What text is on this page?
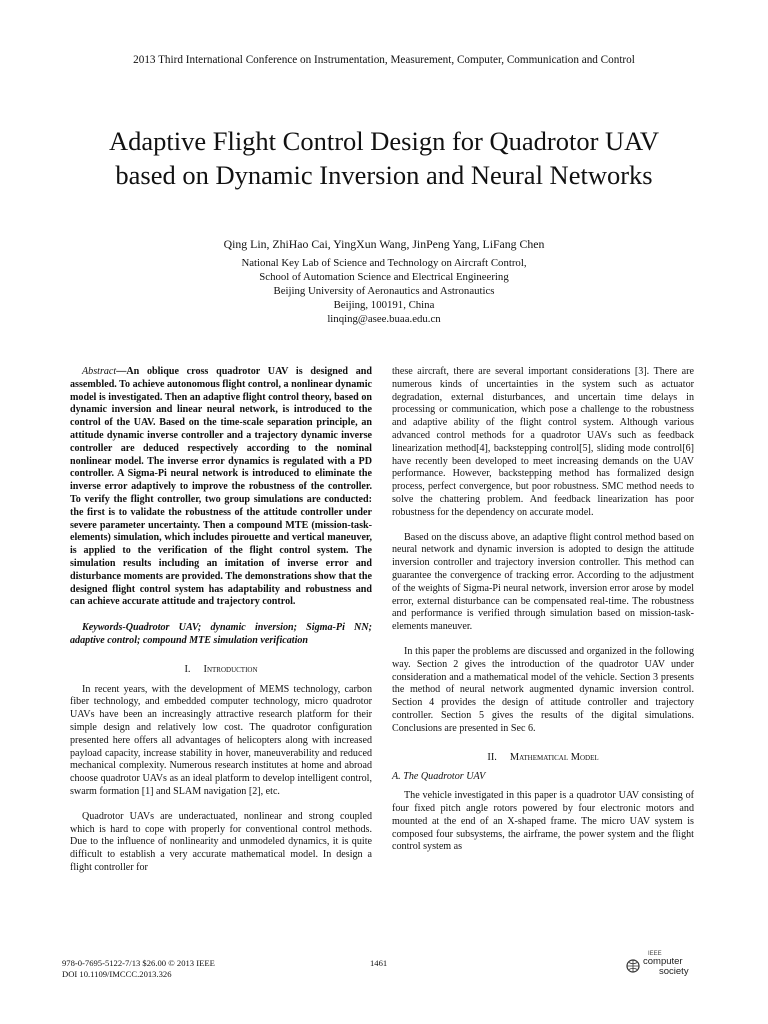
2013 Third International Conference on Instrumentation, Measurement, Computer, Communication and Control
Adaptive Flight Control Design for Quadrotor UAV
based on Dynamic Inversion and Neural Networks
Qing Lin, ZhiHao Cai, YingXun Wang, JinPeng Yang, LiFang Chen
National Key Lab of Science and Technology on Aircraft Control,
School of Automation Science and Electrical Engineering
Beijing University of Aeronautics and Astronautics
Beijing, 100191, China
linqing@asee.buaa.edu.cn

Abstract—An oblique cross quadrotor UAV is designed and assembled. To achieve autonomous flight control, a nonlinear dynamic model is investigated. Then an adaptive flight control theory, based on dynamic inversion and linear neural network, is introduced to the control of the UAV. Based on the time-scale separation principle, an attitude dynamic inverse controller and a trajectory dynamic inverse controller are deduced respectively according to the nominal nonlinear model. The inverse error dynamics is regulated with a PD controller. A Sigma-Pi neural network is introduced to eliminate the inverse error adaptively to improve the robustness of the controller. To verify the flight controller, two group simulations are conducted: the first is to validate the robustness of the attitude controller under severe parameter uncertainty. Then a compound MTE (mission-task-elements) simulation, which includes pirouette and vertical maneuver, is applied to the verification of the flight control system. The simulation results including an imitation of inverse error and disturbance moments are provided. The demonstrations show that the designed flight control system has adaptability and robustness and can achieve accurate attitude and trajectory control.

Keywords-Quadrotor UAV; dynamic inversion; Sigma-Pi NN; adaptive control; compound MTE simulation verification

I. Introduction

In recent years, with the development of MEMS technology, carbon fiber technology, and embedded computer technology, micro quadrotor UAVs have been an increasingly attractive research platform for their simple design and relatively low cost. The quadrotor configuration presented here offers all advantages of helicopters along with increased payload capacity, increase stability in hover, maneuverability and reduced mechanical complexity. Numerous research institutes at home and abroad choose quadrotor UAVs as an ideal platform to develop intelligent control, swarm formation [1] and SLAM navigation [2], etc.

Quadrotor UAVs are underactuated, nonlinear and strong coupled which is hard to cope with properly for conventional control methods. Due to the influence of nonlinearity and unmodeled dynamics, it is quite difficult to establish a very accurate mathematical model. In design a flight controller for

these aircraft, there are several important considerations [3]. There are numerous kinds of uncertainties in the system such as actuator degradation, external disturbances, and uncertain time delays in processing or communication, which pose a challenge to the robustness and adaptive ability of the flight control system. Although various advanced control methods for a quadrotor UAVs such as feedback linearization method[4], backstepping control[5], sliding mode control[6] have recently been developed to meet increasing demands on the UAV performance. However, backstepping method has formalized design process, perfect convergence, but poor robustness. SMC method needs to solve the chattering problem. And feedback linearization has poor robustness for the dependency on accurate model.

Based on the discuss above, an adaptive flight control method based on neural network and dynamic inversion is adopted to design the attitude inversion controller and trajectory inversion controller. This method can guarantee the convergence of tracking error. According to the adjustment of the weights of Sigma-Pi neural network, inversion error arose by model error, external disturbance can be compensated real-time. The robustness and performance is verified through simulation based on mission-task-elements maneuver.

In this paper the problems are discussed and organized in the following way. Section 2 gives the introduction of the quadrotor UAV under consideration and a mathematical model of the vehicle. Section 3 presents the method of neural network augmented dynamic inversion control. Section 4 provides the design of attitude controller and trajectory controller. Section 5 gives the results of the digital simulations. Conclusions are presented in Sec 6.

II. Mathematical Model
A. The Quadrotor UAV

The vehicle investigated in this paper is a quadrotor UAV consisting of four fixed pitch angle rotors powered by four electronic motors and mounted at the end of an X-shaped frame. The micro UAV system is composed four subsystems, the airframe, the power system and the flight control system as

978-0-7695-5122-7/13 $26.00 © 2013 IEEE
DOI 10.1109/IMCCC.2013.326
1461
IEEE
computer
society
